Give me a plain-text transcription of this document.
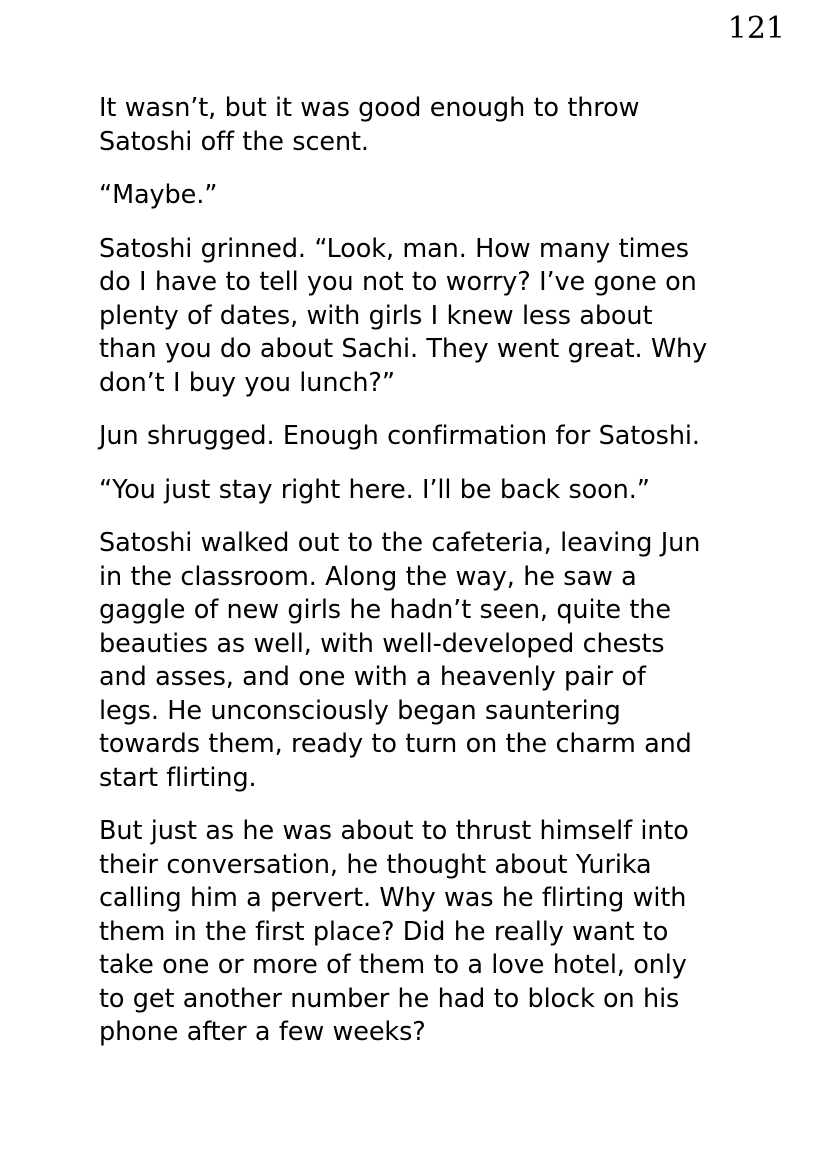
121

It wasn’t, but it was good enough to throw Satoshi off the scent.

“Maybe.”

Satoshi grinned. “Look, man. How many times do I have to tell you not to worry? I’ve gone on plenty of dates, with girls I knew less about than you do about Sachi. They went great. Why don’t I buy you lunch?”

Jun shrugged. Enough confirmation for Satoshi.

“You just stay right here. I’ll be back soon.”

Satoshi walked out to the cafeteria, leaving Jun in the classroom. Along the way, he saw a gaggle of new girls he hadn’t seen, quite the beauties as well, with well-developed chests and asses, and one with a heavenly pair of legs. He unconsciously began sauntering towards them, ready to turn on the charm and start flirting.

But just as he was about to thrust himself into their conversation, he thought about Yurika calling him a pervert. Why was he flirting with them in the first place? Did he really want to take one or more of them to a love hotel, only to get another number he had to block on his phone after a few weeks?
